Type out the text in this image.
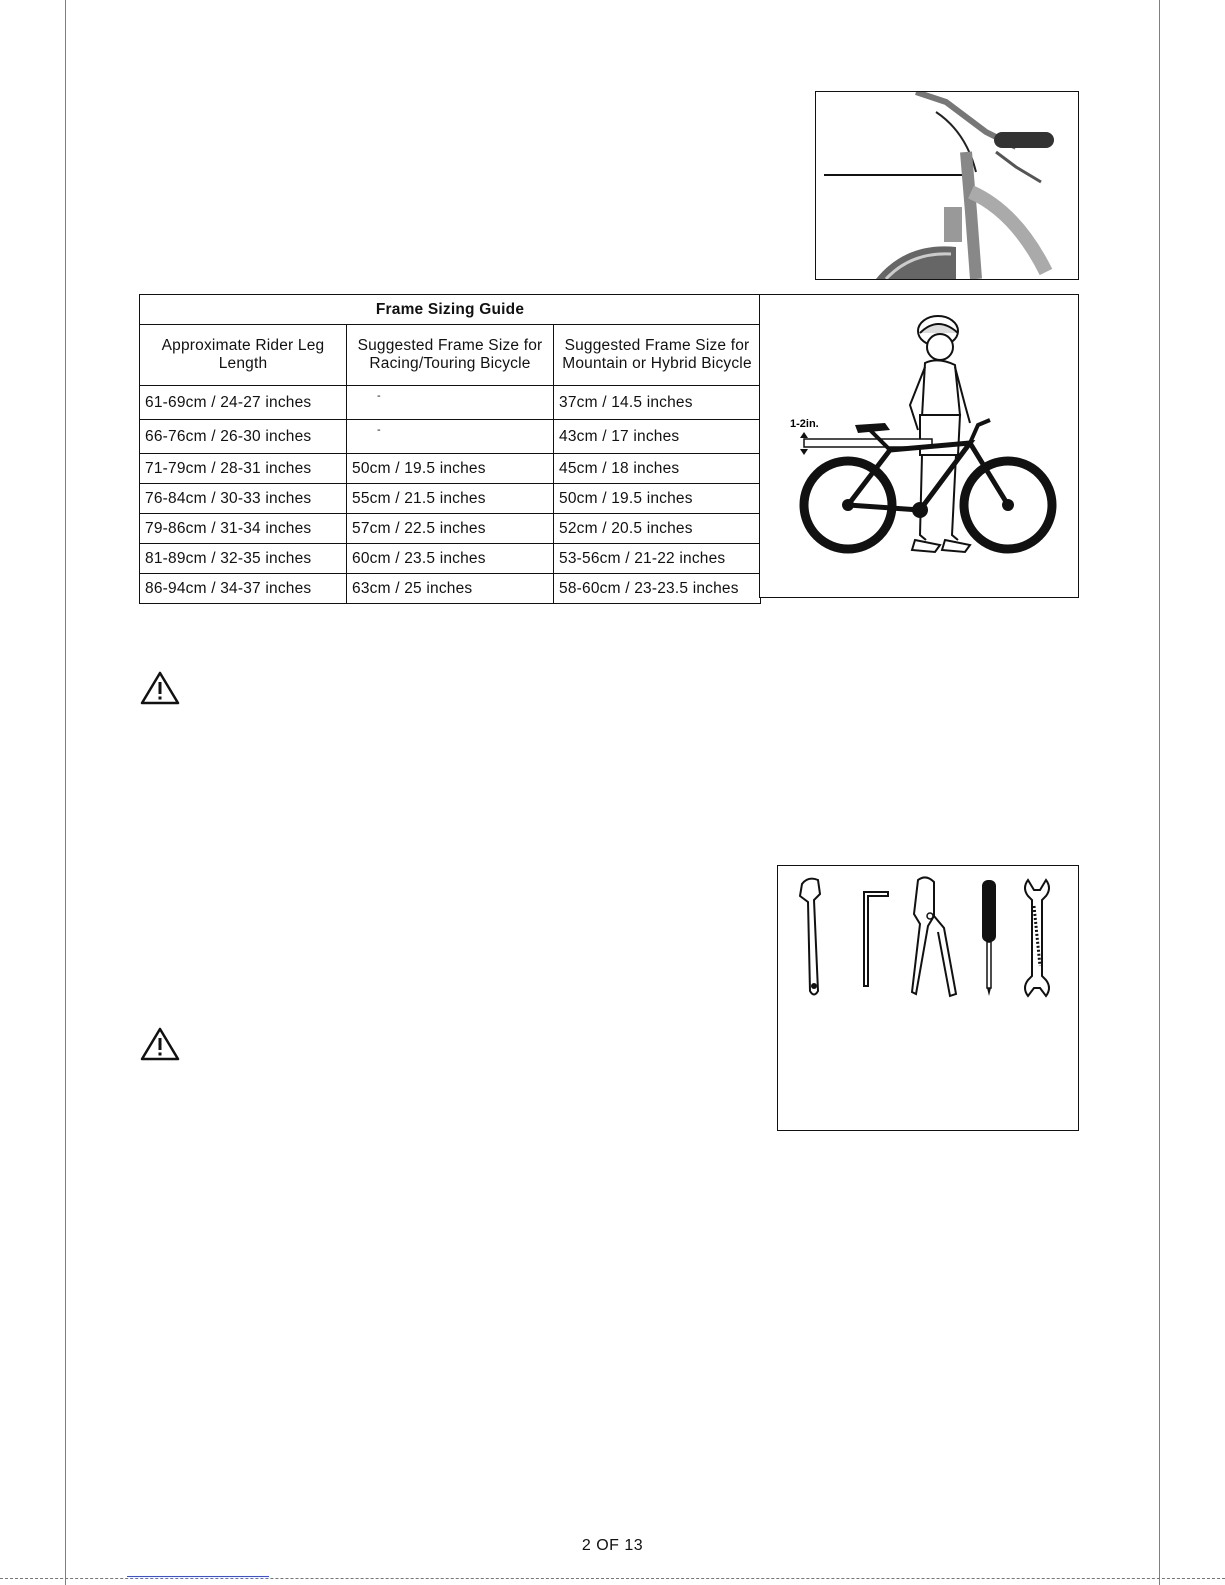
Frame Sizing Guide		
Approximate Rider Leg Length	Suggested Frame Size for Racing/Touring Bicycle	Suggested Frame Size for Mountain or Hybrid Bicycle
61-69cm / 24-27 inches	-	37cm / 14.5 inches
66-76cm / 26-30 inches	-	43cm / 17 inches
71-79cm / 28-31 inches	50cm / 19.5 inches	45cm / 18 inches
76-84cm / 30-33 inches	55cm / 21.5 inches	50cm / 19.5 inches
79-86cm / 31-34 inches	57cm / 22.5 inches	52cm / 20.5 inches
81-89cm / 32-35 inches	60cm / 23.5 inches	53-56cm / 21-22 inches
86-94cm / 34-37 inches	63cm / 25 inches	58-60cm / 23-23.5 inches
1-2in.
2 OF 13
